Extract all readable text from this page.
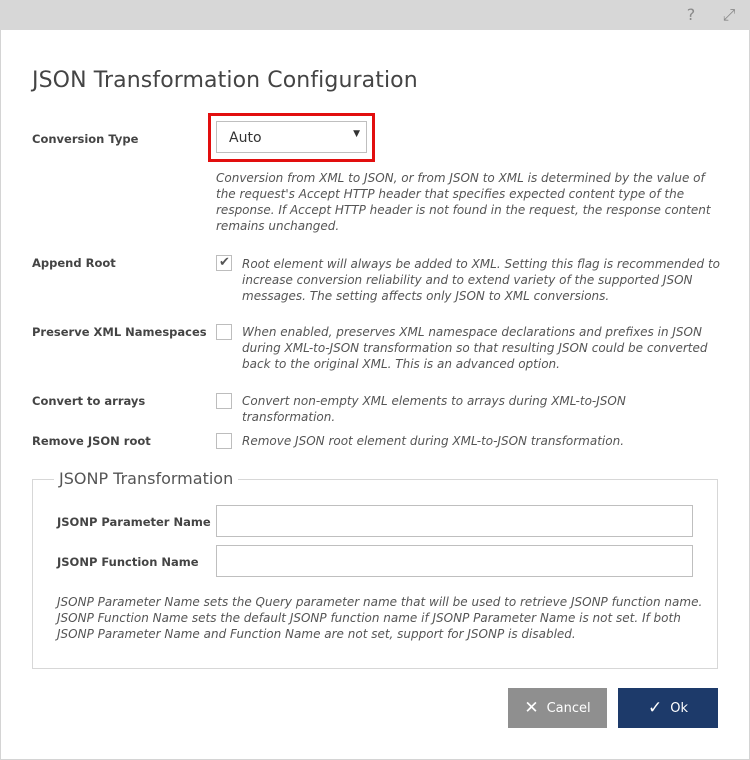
?	⤢
JSON Transformation Configuration
Conversion Type	Auto	▼

Conversion from XML to JSON, or from JSON to XML is determined by the value of the request's Accept HTTP header that specifies expected content type of the response. If Accept HTTP header is not found in the request, the response content remains unchanged.

Append Root	✔ Root element will always be added to XML. Setting this flag is recommended to increase conversion reliability and to extend variety of the supported JSON messages. The setting affects only JSON to XML conversions.

Preserve XML Namespaces	When enabled, preserves XML namespace declarations and prefixes in JSON during XML-to-JSON transformation so that resulting JSON could be converted back to the original XML. This is an advanced option.

Convert to arrays	Convert non-empty XML elements to arrays during XML-to-JSON transformation.

Remove JSON root	Remove JSON root element during XML-to-JSON transformation.

JSONP Transformation
JSONP Parameter Name
JSONP Function Name

JSONP Parameter Name sets the Query parameter name that will be used to retrieve JSONP function name. JSONP Function Name sets the default JSONP function name if JSONP Parameter Name is not set. If both JSONP Parameter Name and Function Name are not set, support for JSONP is disabled.

✕ Cancel	✓ Ok
